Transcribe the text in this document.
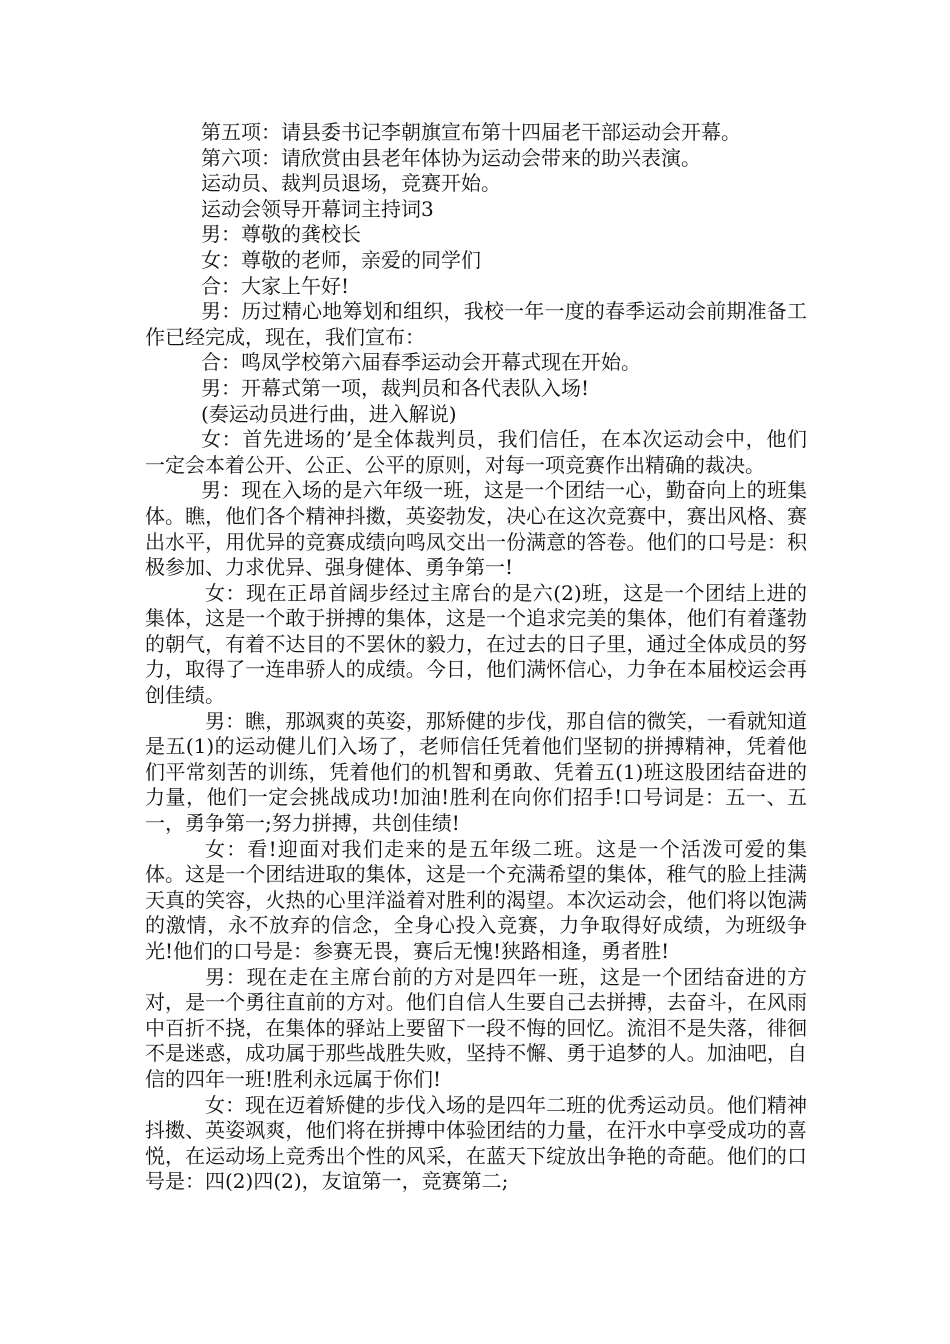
第五项：请县委书记李朝旗宣布第十四届老干部运动会开幕。

第六项：请欣赏由县老年体协为运动会带来的助兴表演。

运动员、裁判员退场，竞赛开始。

运动会领导开幕词主持词3

男：尊敬的龚校长

女：尊敬的老师，亲爱的同学们

合：大家上午好!

男：历过精心地筹划和组织，我校一年一度的春季运动会前期准备工作已经完成，现在，我们宣布：

合：鸣凤学校第六届春季运动会开幕式现在开始。

男：开幕式第一项，裁判员和各代表队入场!

(奏运动员进行曲，进入解说)

女：首先进场的’是全体裁判员，我们信任，在本次运动会中，他们一定会本着公开、公正、公平的原则，对每一项竞赛作出精确的裁决。

男：现在入场的是六年级一班，这是一个团结一心，勤奋向上的班集体。瞧，他们各个精神抖擞，英姿勃发，决心在这次竞赛中，赛出风格、赛出水平，用优异的竞赛成绩向鸣凤交出一份满意的答卷。他们的口号是：积极参加、力求优异、强身健体、勇争第一!

女：现在正昂首阔步经过主席台的是六(2)班，这是一个团结上进的集体，这是一个敢于拼搏的集体，这是一个追求完美的集体，他们有着蓬勃的朝气，有着不达目的不罢休的毅力，在过去的日子里，通过全体成员的努力，取得了一连串骄人的成绩。今日，他们满怀信心，力争在本届校运会再创佳绩。

男：瞧，那飒爽的英姿，那矫健的步伐，那自信的微笑，一看就知道是五(1)的运动健儿们入场了，老师信任凭着他们坚韧的拼搏精神，凭着他们平常刻苦的训练，凭着他们的机智和勇敢、凭着五(1)班这股团结奋进的力量，他们一定会挑战成功!加油!胜利在向你们招手!口号词是：五一、五一，勇争第一;努力拼搏，共创佳绩!

女：看!迎面对我们走来的是五年级二班。这是一个活泼可爱的集体。这是一个团结进取的集体，这是一个充满希望的集体，稚气的脸上挂满天真的笑容，火热的心里洋溢着对胜利的渴望。本次运动会，他们将以饱满的激情，永不放弃的信念，全身心投入竞赛，力争取得好成绩，为班级争光!他们的口号是：参赛无畏，赛后无愧!狭路相逢，勇者胜!

男：现在走在主席台前的方对是四年一班，这是一个团结奋进的方对，是一个勇往直前的方对。他们自信人生要自己去拼搏，去奋斗，在风雨中百折不挠，在集体的驿站上要留下一段不悔的回忆。流泪不是失落，徘徊不是迷惑，成功属于那些战胜失败，坚持不懈、勇于追梦的人。加油吧，自信的四年一班!胜利永远属于你们!

女：现在迈着矫健的步伐入场的是四年二班的优秀运动员。他们精神抖擞、英姿飒爽，他们将在拼搏中体验团结的力量，在汗水中享受成功的喜悦，在运动场上竞秀出个性的风采，在蓝天下绽放出争艳的奇葩。他们的口号是：四(2)四(2)，友谊第一，竞赛第二;
